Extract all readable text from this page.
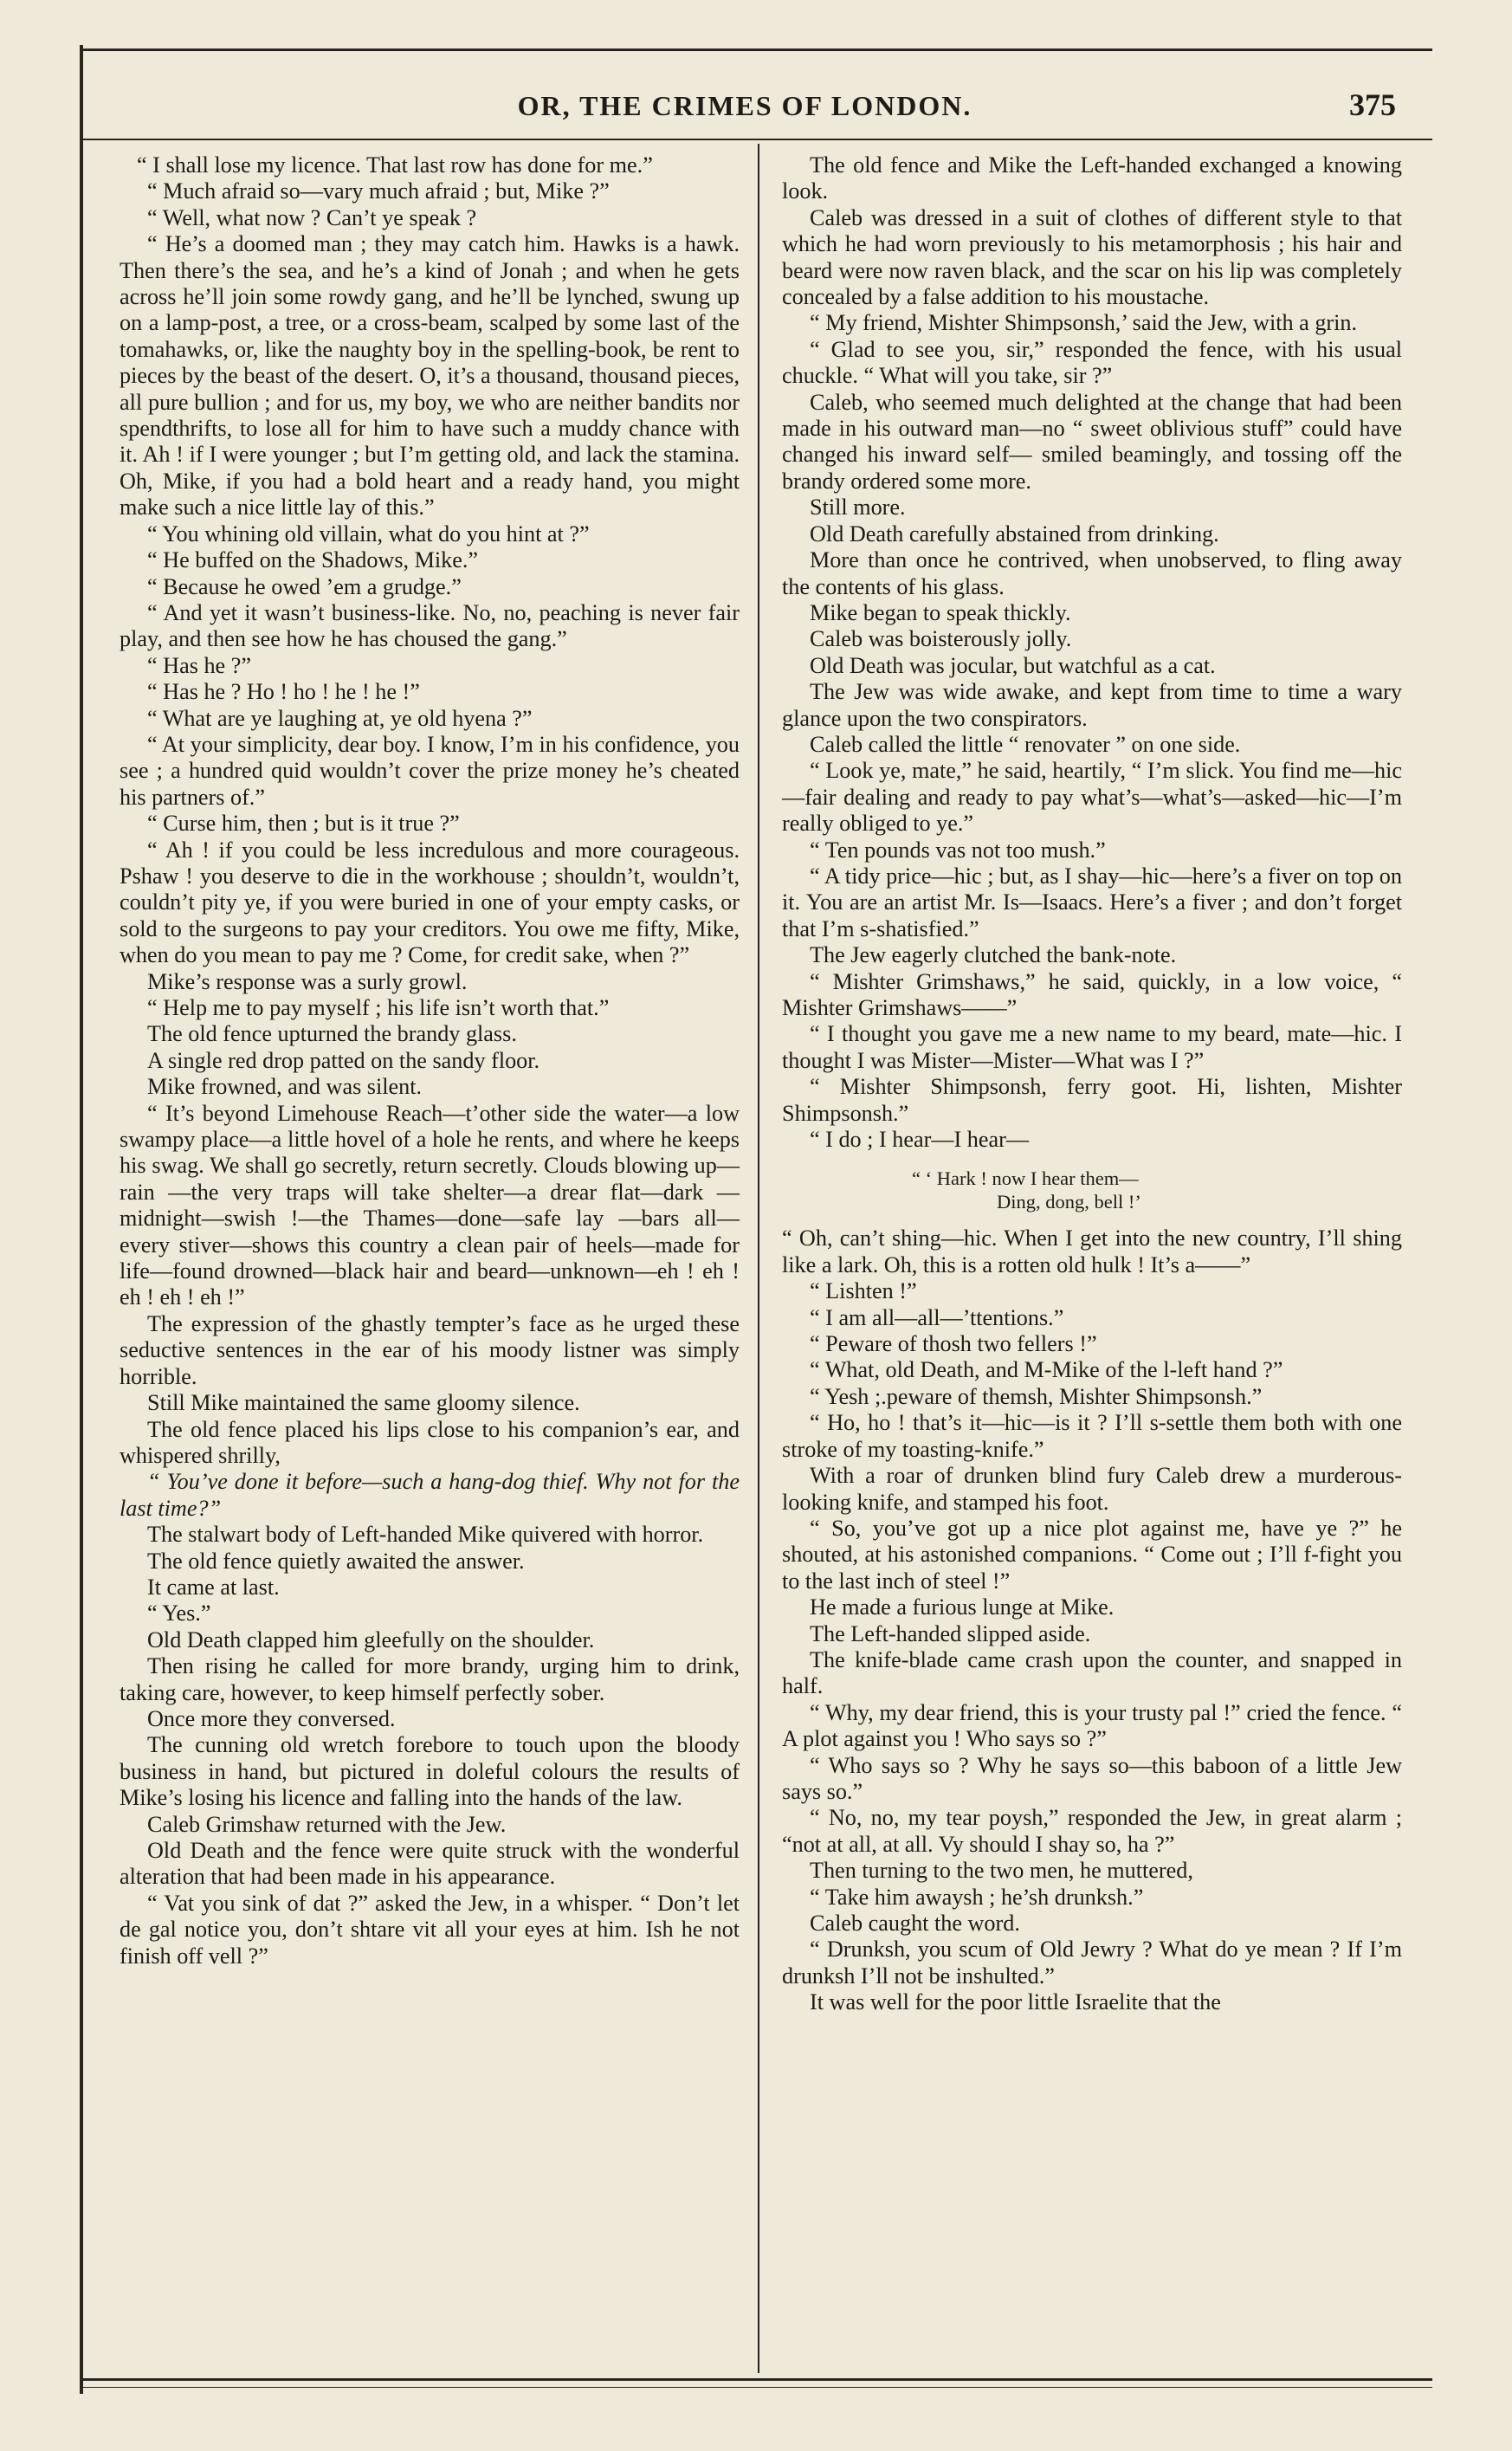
OR, THE CRIMES OF LONDON.	375

“ I shall lose my licence. That last row has done for me.”

“ Much afraid so—vary much afraid ; but, Mike ?”

“ Well, what now ? Can’t ye speak ?

“ He’s a doomed man ; they may catch him. Hawks is a hawk. Then there’s the sea, and he’s a kind of Jonah ; and when he gets across he’ll join some rowdy gang, and he’ll be lynched, swung up on a lamp-post, a tree, or a cross-beam, scalped by some last of the tomahawks, or, like the naughty boy in the spelling-book, be rent to pieces by the beast of the desert. O, it’s a thousand, thousand pieces, all pure bullion ; and for us, my boy, we who are neither bandits nor spendthrifts, to lose all for him to have such a muddy chance with it. Ah ! if I were younger ; but I’m getting old, and lack the stamina. Oh, Mike, if you had a bold heart and a ready hand, you might make such a nice little lay of this.”

“ You whining old villain, what do you hint at ?”

“ He buffed on the Shadows, Mike.”

“ Because he owed ’em a grudge.”

“ And yet it wasn’t business-like. No, no, peaching is never fair play, and then see how he has choused the gang.”

“ Has he ?”

“ Has he ? Ho ! ho ! he ! he !”

“ What are ye laughing at, ye old hyena ?”

“ At your simplicity, dear boy. I know, I’m in his confidence, you see ; a hundred quid wouldn’t cover the prize money he’s cheated his partners of.”

“ Curse him, then ; but is it true ?”

“ Ah ! if you could be less incredulous and more courageous. Pshaw ! you deserve to die in the workhouse ; shouldn’t, wouldn’t, couldn’t pity ye, if you were buried in one of your empty casks, or sold to the surgeons to pay your creditors. You owe me fifty, Mike, when do you mean to pay me ? Come, for credit sake, when ?”

Mike’s response was a surly growl.

“ Help me to pay myself ; his life isn’t worth that.”

The old fence upturned the brandy glass.

A single red drop patted on the sandy floor.

Mike frowned, and was silent.

“ It’s beyond Limehouse Reach—t’other side the water—a low swampy place—a little hovel of a hole he rents, and where he keeps his swag. We shall go secretly, return secretly. Clouds blowing up—rain —the very traps will take shelter—a drear flat—dark —midnight—swish !—the Thames—done—safe lay —bars all—every stiver—shows this country a clean pair of heels—made for life—found drowned—black hair and beard—unknown—eh ! eh ! eh ! eh ! eh !”

The expression of the ghastly tempter’s face as he urged these seductive sentences in the ear of his moody listner was simply horrible.

Still Mike maintained the same gloomy silence.

The old fence placed his lips close to his companion’s ear, and whispered shrilly,

“ You’ve done it before—such a hang-dog thief. Why not for the last time?”

The stalwart body of Left-handed Mike quivered with horror.

The old fence quietly awaited the answer.

It came at last.

“ Yes.”

Old Death clapped him gleefully on the shoulder.

Then rising he called for more brandy, urging him to drink, taking care, however, to keep himself perfectly sober.

Once more they conversed.

The cunning old wretch forebore to touch upon the bloody business in hand, but pictured in doleful colours the results of Mike’s losing his licence and falling into the hands of the law.

Caleb Grimshaw returned with the Jew.

Old Death and the fence were quite struck with the wonderful alteration that had been made in his appearance.

“ Vat you sink of dat ?” asked the Jew, in a whisper. “ Don’t let de gal notice you, don’t shtare vit all your eyes at him. Ish he not finish off vell ?”

The old fence and Mike the Left-handed exchanged a knowing look.

Caleb was dressed in a suit of clothes of different style to that which he had worn previously to his metamorphosis ; his hair and beard were now raven black, and the scar on his lip was completely concealed by a false addition to his moustache.

“ My friend, Mishter Shimpsonsh,’ said the Jew, with a grin.

“ Glad to see you, sir,” responded the fence, with his usual chuckle. “ What will you take, sir ?”

Caleb, who seemed much delighted at the change that had been made in his outward man—no “ sweet oblivious stuff” could have changed his inward self— smiled beamingly, and tossing off the brandy ordered some more.

Still more.

Old Death carefully abstained from drinking.

More than once he contrived, when unobserved, to fling away the contents of his glass.

Mike began to speak thickly.

Caleb was boisterously jolly.

Old Death was jocular, but watchful as a cat.

The Jew was wide awake, and kept from time to time a wary glance upon the two conspirators.

Caleb called the little “ renovater ” on one side.

“ Look ye, mate,” he said, heartily, “ I’m slick. You find me—hic—fair dealing and ready to pay what’s—what’s—asked—hic—I’m really obliged to ye.”

“ Ten pounds vas not too mush.”

“ A tidy price—hic ; but, as I shay—hic—here’s a fiver on top on it. You are an artist Mr. Is—Isaacs. Here’s a fiver ; and don’t forget that I’m s-shatisfied.”

The Jew eagerly clutched the bank-note.

“ Mishter Grimshaws,” he said, quickly, in a low voice, “ Mishter Grimshaws——”

“ I thought you gave me a new name to my beard, mate—hic. I thought I was Mister—Mister—What was I ?”

“ Mishter Shimpsonsh, ferry goot. Hi, lishten, Mishter Shimpsonsh.”

“ I do ; I hear—I hear—

“ ‘ Hark ! now I hear them—
Ding, dong, bell !’

“ Oh, can’t shing—hic. When I get into the new country, I’ll shing like a lark. Oh, this is a rotten old hulk ! It’s a——”

“ Lishten !”

“ I am all—all—’ttentions.”

“ Peware of thosh two fellers !”

“ What, old Death, and M-Mike of the l-left hand ?”

“ Yesh ;.peware of themsh, Mishter Shimpsonsh.”

“ Ho, ho ! that’s it—hic—is it ? I’ll s-settle them both with one stroke of my toasting-knife.”

With a roar of drunken blind fury Caleb drew a murderous-looking knife, and stamped his foot.

“ So, you’ve got up a nice plot against me, have ye ?” he shouted, at his astonished companions. “ Come out ; I’ll f-fight you to the last inch of steel !”

He made a furious lunge at Mike.

The Left-handed slipped aside.

The knife-blade came crash upon the counter, and snapped in half.

“ Why, my dear friend, this is your trusty pal !” cried the fence. “ A plot against you ! Who says so ?”

“ Who says so ? Why he says so—this baboon of a little Jew says so.”

“ No, no, my tear poysh,” responded the Jew, in great alarm ; “not at all, at all. Vy should I shay so, ha ?”

Then turning to the two men, he muttered,

“ Take him awaysh ; he’sh drunksh.”

Caleb caught the word.

“ Drunksh, you scum of Old Jewry ? What do ye mean ? If I’m drunksh I’ll not be inshulted.”

It was well for the poor little Israelite that the
